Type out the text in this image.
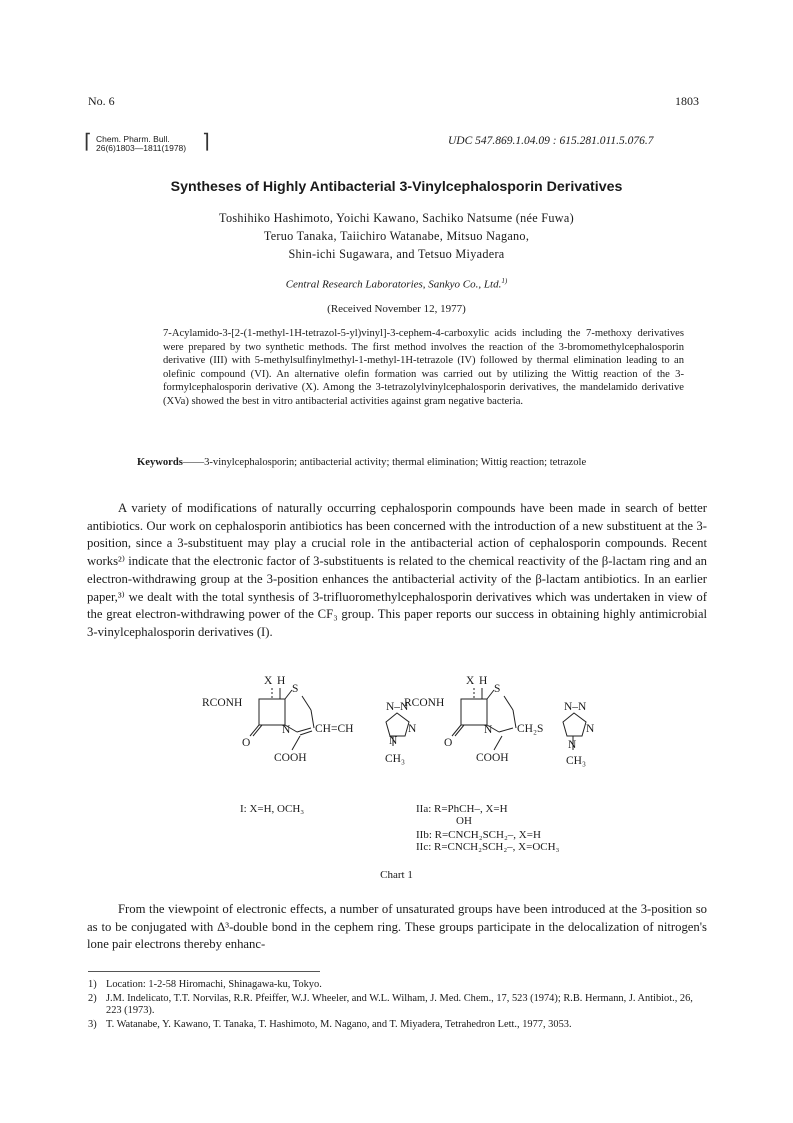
No. 6	1803
⌈ Chem. Pharm. Bull.
26(6)1803—1811(1978) ⌉	UDC 547.869.1.04.09 : 615.281.011.5.076.7
Syntheses of Highly Antibacterial 3-Vinylcephalosporin Derivatives
Toshihiko Hashimoto, Yoichi Kawano, Sachiko Natsume (née Fuwa)
Teruo Tanaka, Taiichiro Watanabe, Mitsuo Nagano,
Shin-ichi Sugawara, and Tetsuo Miyadera
Central Research Laboratories, Sankyo Co., Ltd.$^{1)}$
(Received November 12, 1977)
7-Acylamido-3-[2-(1-methyl-1H-tetrazol-5-yl)vinyl]-3-cephem-4-carboxylic acids including the 7-methoxy derivatives were prepared by two synthetic methods. The first method involves the reaction of the 3-bromomethylcephalosporin derivative (III) with 5-methylsulfinylmethyl-1-methyl-1H-tetrazole (IV) followed by thermal elimination leading to an olefinic compound (VI). An alternative olefin formation was carried out by utilizing the Wittig reaction of the 3-formylcephalosporin derivative (X). Among the 3-tetrazolylvinylcephalosporin derivatives, the mandelamido derivative (XVa) showed the best in vitro antibacterial activities against gram negative bacteria.
Keywords——3-vinylcephalosporin; antibacterial activity; thermal elimination; Wittig reaction; tetrazole
A variety of modifications of naturally occurring cephalosporin compounds have been made in search of better antibiotics. Our work on cephalosporin antibiotics has been concerned with the introduction of a new substituent at the 3-position, since a 3-substituent may play a crucial role in the antibacterial action of cephalosporin compounds. Recent works²⁾ indicate that the electronic factor of 3-substituents is related to the chemical reactivity of the β-lactam ring and an electron-withdrawing group at the 3-position enhances the antibacterial activity of the β-lactam antibiotics. In an earlier paper,³⁾ we dealt with the total synthesis of 3-trifluoromethylcephalosporin derivatives which was undertaken in view of the great electron-withdrawing power of the CF₃ group. This paper reports our success in obtaining highly antimicrobial 3-vinylcephalosporin derivatives (I).
X H
S
RCONH
N
O
COOH
CH=CH
N–N
N
N
CH₃
X H
S
RCONH
N
O
COOH
CH₂S
N–N
N
N
CH₃
I: X=H, OCH₃	IIa: R=PhCH–, X=H
OH
IIb: R=CNCH₂SCH₂–, X=H
IIc: R=CNCH₂SCH₂–, X=OCH₃
Chart 1
From the viewpoint of electronic effects, a number of unsaturated groups have been introduced at the 3-position so as to be conjugated with Δ³-double bond in the cephem ring. These groups participate in the delocalization of nitrogen's lone pair electrons thereby enhanc-
1) Location: 1-2-58 Hiromachi, Shinagawa-ku, Tokyo.
2) J.M. Indelicato, T.T. Norvilas, R.R. Pfeiffer, W.J. Wheeler, and W.L. Wilham, J. Med. Chem., 17, 523 (1974); R.B. Hermann, J. Antibiot., 26, 223 (1973).
3) T. Watanabe, Y. Kawano, T. Tanaka, T. Hashimoto, M. Nagano, and T. Miyadera, Tetrahedron Lett., 1977, 3053.
